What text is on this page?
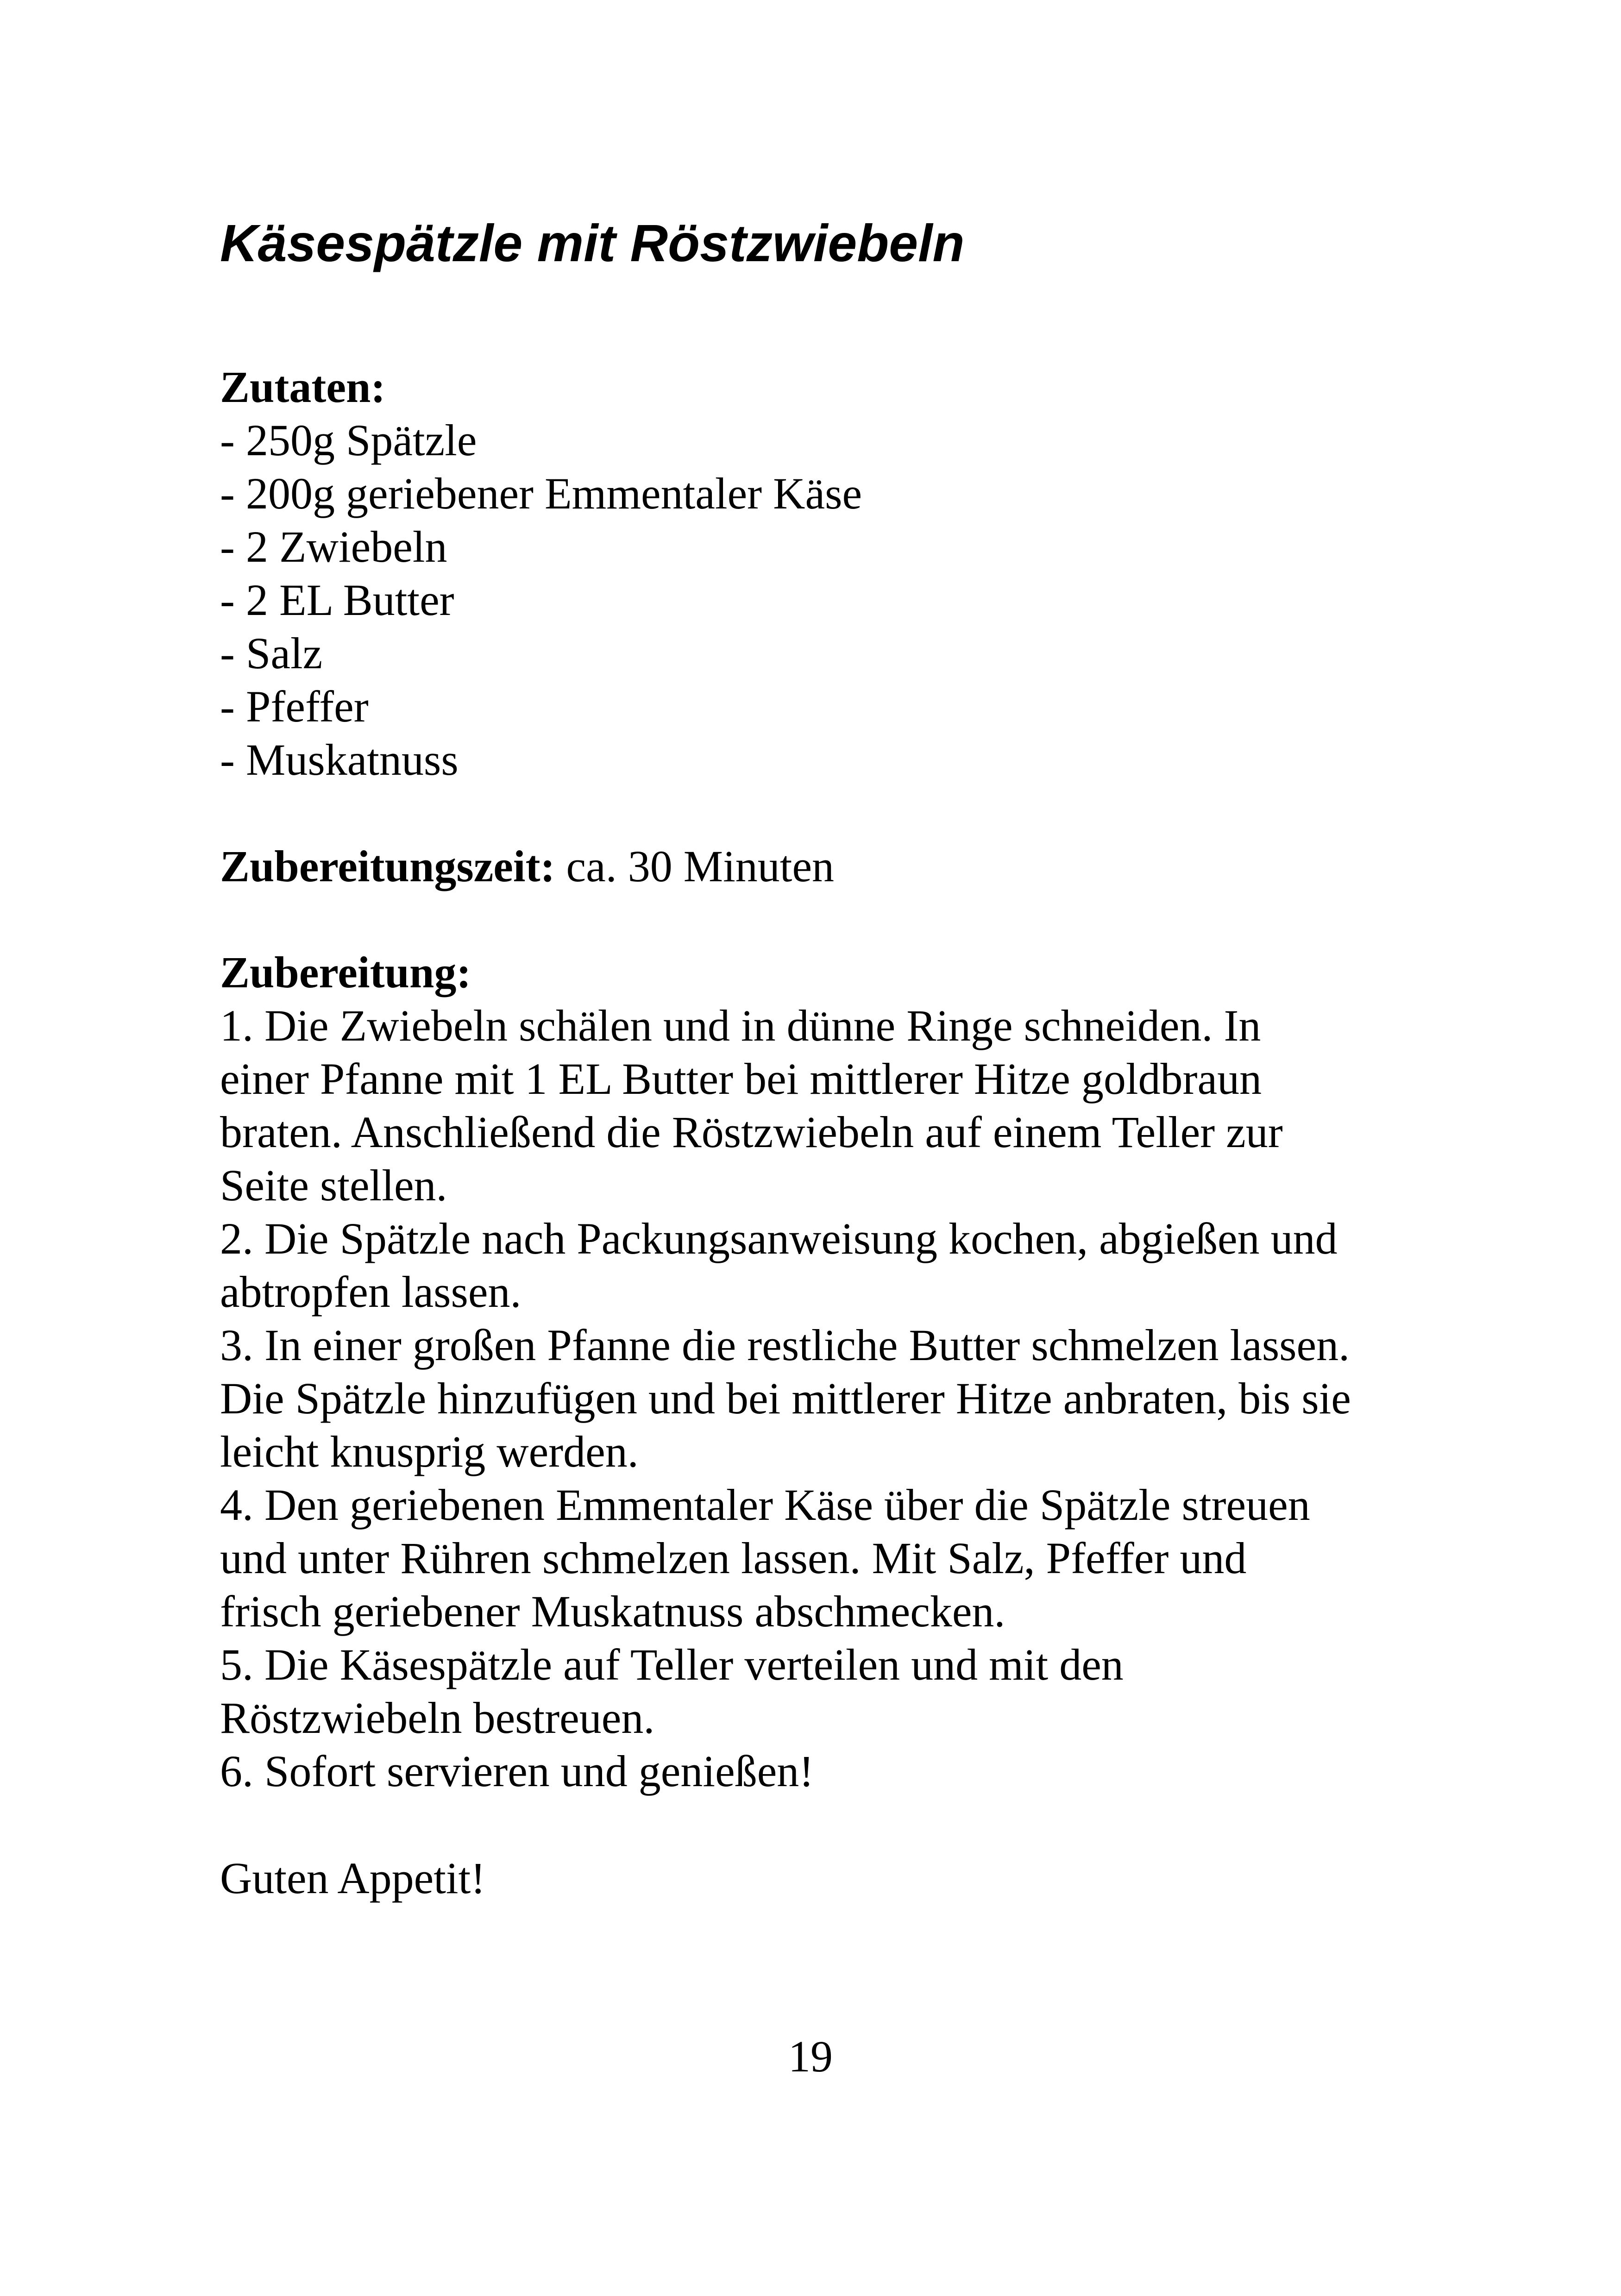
Käsespätzle mit Röstzwiebeln
Zutaten:
- 250g Spätzle
- 200g geriebener Emmentaler Käse
- 2 Zwiebeln
- 2 EL Butter
- Salz
- Pfeffer
- Muskatnuss
Zubereitungszeit: ca. 30 Minuten
Zubereitung:
1. Die Zwiebeln schälen und in dünne Ringe schneiden. In
einer Pfanne mit 1 EL Butter bei mittlerer Hitze goldbraun
braten. Anschließend die Röstzwiebeln auf einem Teller zur
Seite stellen.
2. Die Spätzle nach Packungsanweisung kochen, abgießen und
abtropfen lassen.
3. In einer großen Pfanne die restliche Butter schmelzen lassen.
Die Spätzle hinzufügen und bei mittlerer Hitze anbraten, bis sie
leicht knusprig werden.
4. Den geriebenen Emmentaler Käse über die Spätzle streuen
und unter Rühren schmelzen lassen. Mit Salz, Pfeffer und
frisch geriebener Muskatnuss abschmecken.
5. Die Käsespätzle auf Teller verteilen und mit den
Röstzwiebeln bestreuen.
6. Sofort servieren und genießen!
Guten Appetit!
19
